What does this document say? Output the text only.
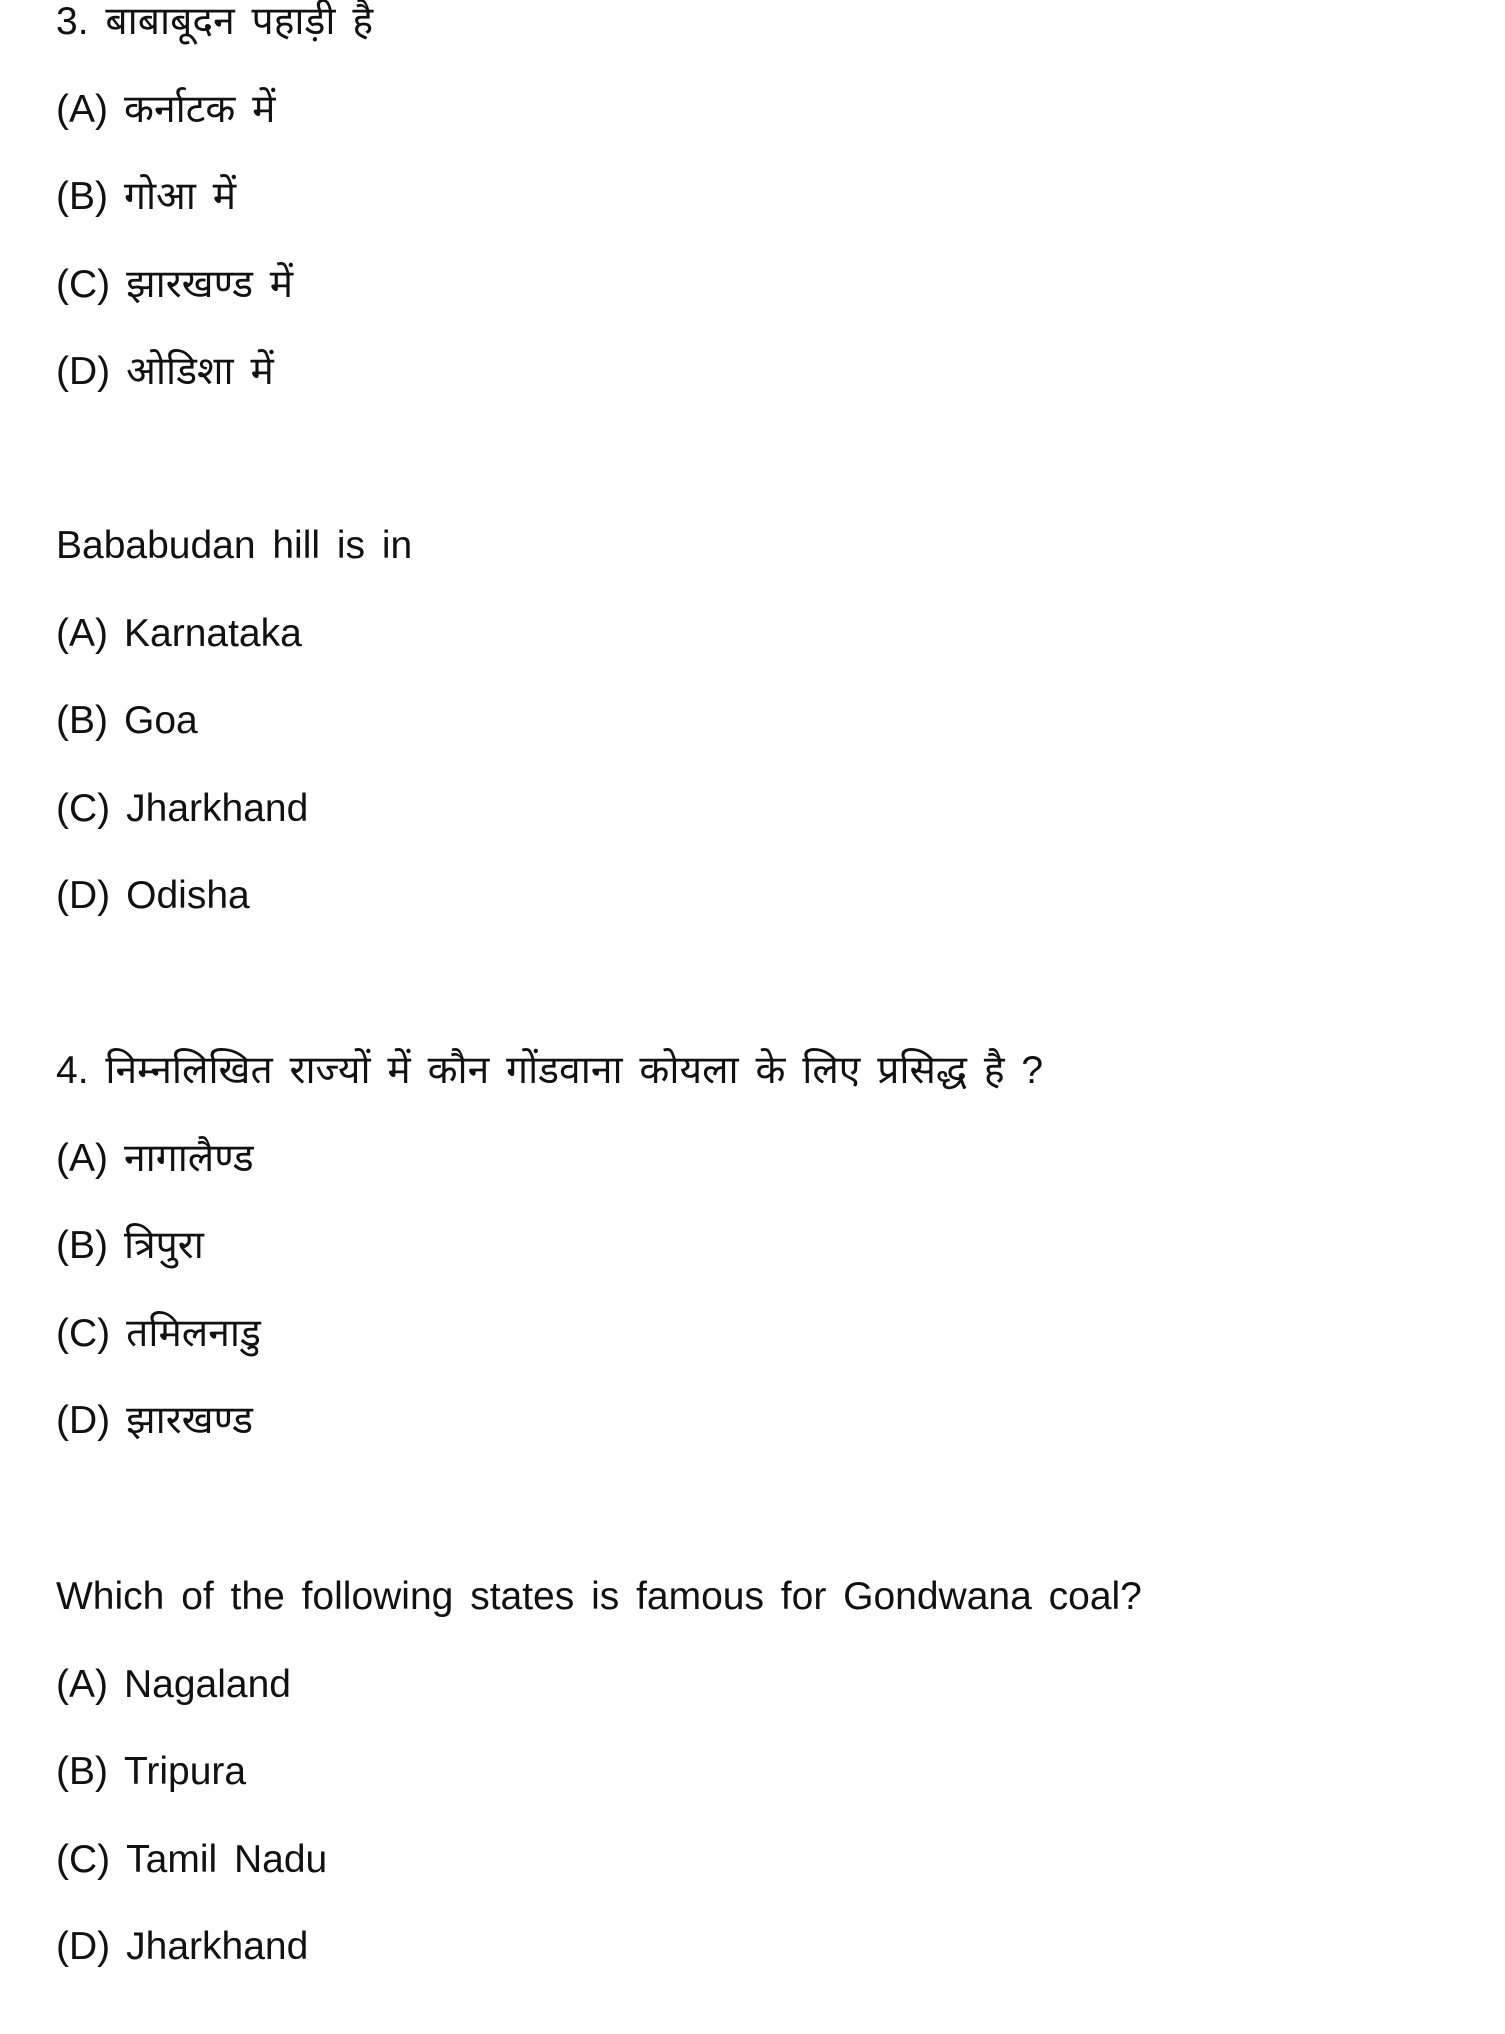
3. बाबाबूदन पहाड़ी है
(A) कर्नाटक में
(B) गोआ में
(C) झारखण्ड में
(D) ओडिशा में
Bababudan hill is in
(A) Karnataka
(B) Goa
(C) Jharkhand
(D) Odisha
4. निम्नलिखित राज्यों में कौन गोंडवाना कोयला के लिए प्रसिद्ध है ?
(A) नागालैण्ड
(B) त्रिपुरा
(C) तमिलनाडु
(D) झारखण्ड
Which of the following states is famous for Gondwana coal?
(A) Nagaland
(B) Tripura
(C) Tamil Nadu
(D) Jharkhand
